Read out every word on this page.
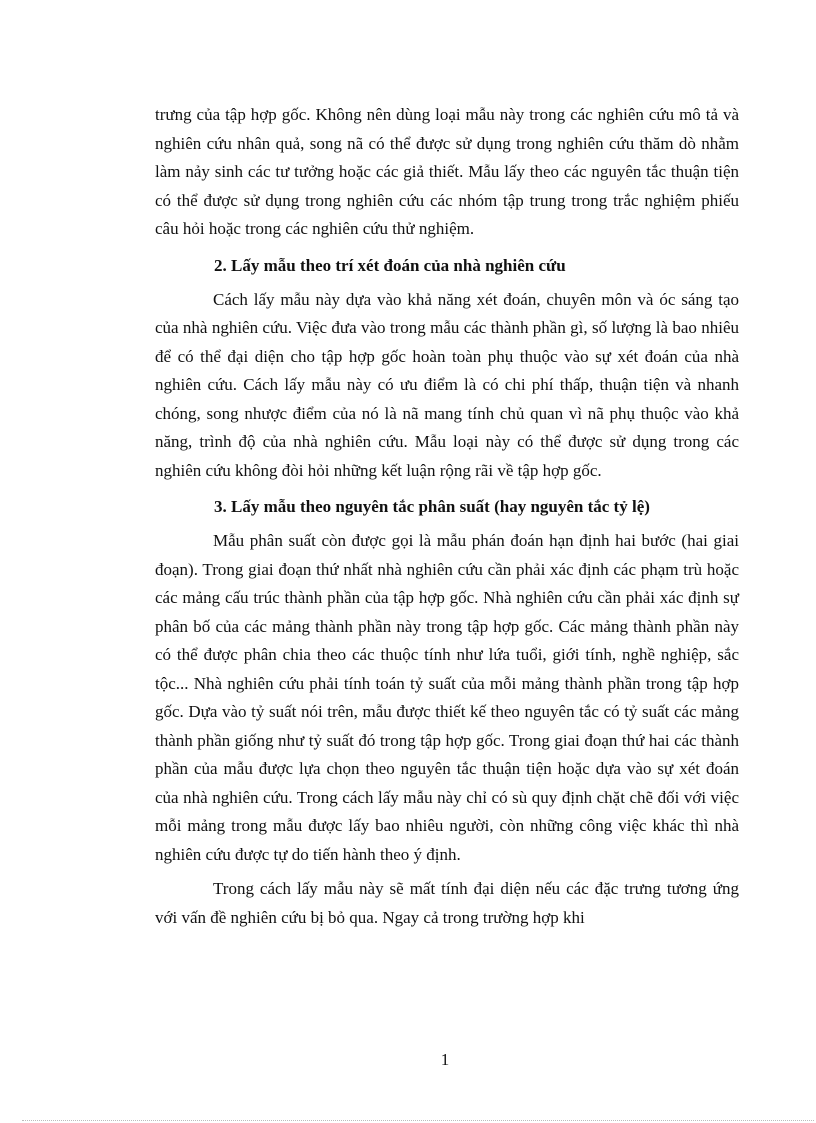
trưng của tập hợp gốc. Không nên dùng loại mẫu này trong các nghiên cứu mô tả và nghiên cứu nhân quả, song nã có thể được sử dụng trong nghiên cứu thăm dò nhằm làm nảy sinh các tư tưởng hoặc các giả thiết. Mẫu lấy theo các nguyên tắc thuận tiện có thể được sử dụng trong nghiên cứu các nhóm tập trung trong trắc nghiệm phiếu câu hỏi hoặc trong các nghiên cứu thử nghiệm.

2. Lấy mẫu theo trí xét đoán của nhà nghiên cứu

Cách lấy mẫu này dựa vào khả năng xét đoán, chuyên môn và óc sáng tạo của nhà nghiên cứu. Việc đưa vào trong mẫu các thành phần gì, số lượng là bao nhiêu để có thể đại diện cho tập hợp gốc hoàn toàn phụ thuộc vào sự xét đoán của nhà nghiên cứu. Cách lấy mẫu này có ưu điểm là có chi phí thấp, thuận tiện và nhanh chóng, song nhược điểm của nó là nã mang tính chủ quan vì nã phụ thuộc vào khả năng, trình độ của nhà nghiên cứu. Mẫu loại này có thể được sử dụng trong các nghiên cứu không đòi hỏi những kết luận rộng rãi về tập hợp gốc.

3. Lấy mẫu theo nguyên tắc phân suất (hay nguyên tắc tỷ lệ)

Mẫu phân suất còn được gọi là mẫu phán đoán hạn định hai bước (hai giai đoạn). Trong giai đoạn thứ nhất nhà nghiên cứu cần phải xác định các phạm trù hoặc các mảng cấu trúc thành phần của tập hợp gốc. Nhà nghiên cứu cần phải xác định sự phân bố của các mảng thành phần này trong tập hợp gốc. Các mảng thành phần này có thể được phân chia theo các thuộc tính như lứa tuổi, giới tính, nghề nghiệp, sắc tộc... Nhà nghiên cứu phải tính toán tỷ suất của mỗi mảng thành phần trong tập hợp gốc. Dựa vào tỷ suất nói trên, mẫu được thiết kế theo nguyên tắc có tỷ suất các mảng thành phần giống như tỷ suất đó trong tập hợp gốc. Trong giai đoạn thứ hai các thành phần của mẫu được lựa chọn theo nguyên tắc thuận tiện hoặc dựa vào sự xét đoán của nhà nghiên cứu. Trong cách lấy mẫu này chỉ có sù quy định chặt chẽ đối với việc mỗi mảng trong mẫu được lấy bao nhiêu người, còn những công việc khác thì nhà nghiên cứu được tự do tiến hành theo ý định.

Trong cách lấy mẫu này sẽ mất tính đại diện nếu các đặc trưng tương ứng với vấn đề nghiên cứu bị bỏ qua. Ngay cả trong trường hợp khi

1
